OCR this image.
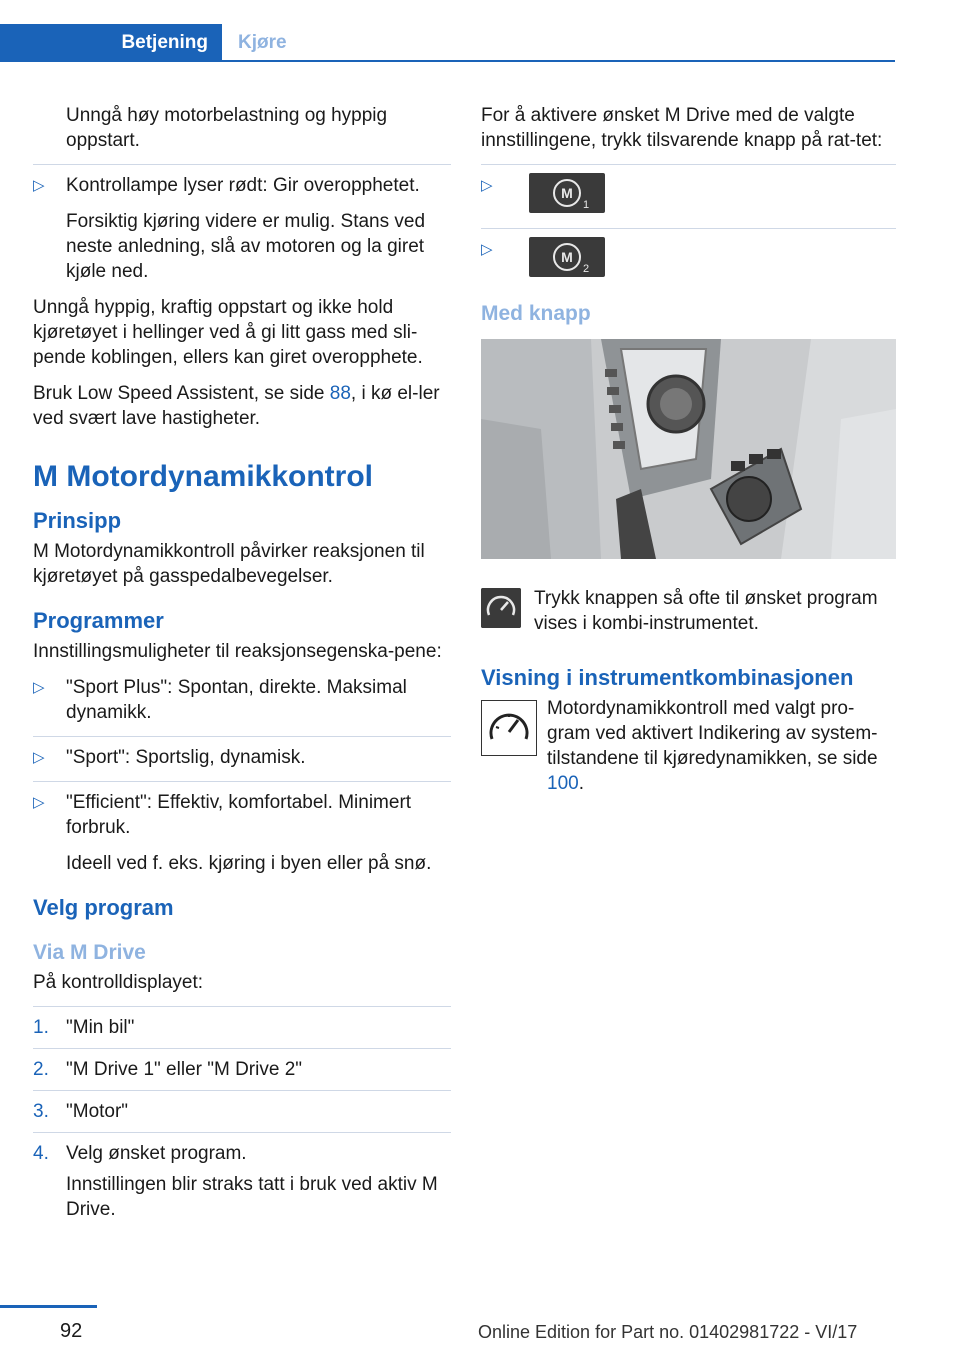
Betjening	Kjøre

Unngå høy motorbelastning og hyppig oppstart.

▷ Kontrollampe lyser rødt: Gir overopphetet.

Forsiktig kjøring videre er mulig. Stans ved neste anledning, slå av motoren og la giret kjøle ned.

Unngå hyppig, kraftig oppstart og ikke hold kjøretøyet i hellinger ved å gi litt gass med sli-pende koblingen, ellers kan giret overopphete.

Bruk Low Speed Assistent, se side 88, i kø el-ler ved svært lave hastigheter.

M Motordynamikkontrol
Prinsipp

M Motordynamikkontroll påvirker reaksjonen til kjøretøyet på gasspedalbevegelser.

Programmer

Innstillingsmuligheter til reaksjonsegenska-pene:

▷ "Sport Plus": Spontan, direkte. Maksimal dynamikk.
▷ "Sport": Sportslig, dynamisk.
▷ "Efficient": Effektiv, komfortabel. Minimert forbruk.

Ideell ved f. eks. kjøring i byen eller på snø.

Velg program
Via M Drive

På kontrolldisplayet:

1. "Min bil"
2. "M Drive 1" eller "M Drive 2"
3. "Motor"
4. Velg ønsket program.

Innstillingen blir straks tatt i bruk ved aktiv M Drive.

For å aktivere ønsket M Drive med de valgte innstillingene, trykk tilsvarende knapp på rat-tet:

▷	M
1
▷	M
2
Med knapp

Trykk knappen så ofte til ønsket program vises i kombi-instrumentet.

Visning i instrumentkombinasjonen

Motordynamikkontroll med valgt pro-gram ved aktivert Indikering av system-tilstandene til kjøredynamikken, se side 100.

92	Online Edition for Part no. 01402981722 - VI/17
